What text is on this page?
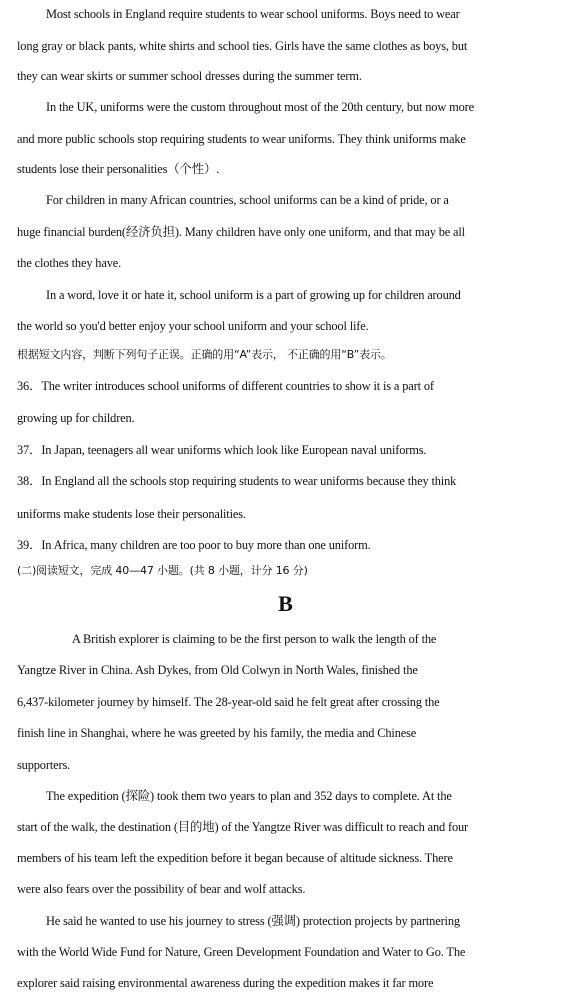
Most schools in England require students to wear school uniforms. Boys need to wear
long gray or black pants, white shirts and school ties. Girls have the same clothes as boys, but
they can wear skirts or summer school dresses during the summer term.
In the UK, uniforms were the custom throughout most of the 20th century, but now more
and more public schools stop requiring students to wear uniforms. They think uniforms make
students lose their personalities（个性）.
For children in many African countries, school uniforms can be a kind of pride, or a
huge financial burden(经济负担). Many children have only one uniform, and that may be all
the clothes they have.
In a word, love it or hate it, school uniform is a part of growing up for children around
the world so you'd better enjoy your school uniform and your school life.
根据短文内容，判断下列句子正误。正确的用“A”表示， 不正确的用“B”表示。
36．The writer introduces school uniforms of different countries to show it is a part of
growing up for children.
37．In Japan, teenagers all wear uniforms which look like European naval uniforms.
38．In England all the schools stop requiring students to wear uniforms because they think
uniforms make students lose their personalities.
39．In Africa, many children are too poor to buy more than one uniform.
(二)阅读短文，完成 40—47 小题。(共 8 小题，计分 16 分)
B
A British explorer is claiming to be the first person to walk the length of the
Yangtze River in China. Ash Dykes, from Old Colwyn in North Wales, finished the
6,437-kilometer journey by himself. The 28-year-old said he felt great after crossing the
finish line in Shanghai, where he was greeted by his family, the media and Chinese
supporters.
The expedition (探险) took them two years to plan and 352 days to complete. At the
start of the walk, the destination (目的地) of the Yangtze River was difficult to reach and four
members of his team left the expedition before it began because of altitude sickness. There
were also fears over the possibility of bear and wolf attacks.
He said he wanted to use his journey to stress (强调) protection projects by partnering
with the World Wide Fund for Nature, Green Development Foundation and Water to Go. The
explorer said raising environmental awareness during the expedition makes it far more
